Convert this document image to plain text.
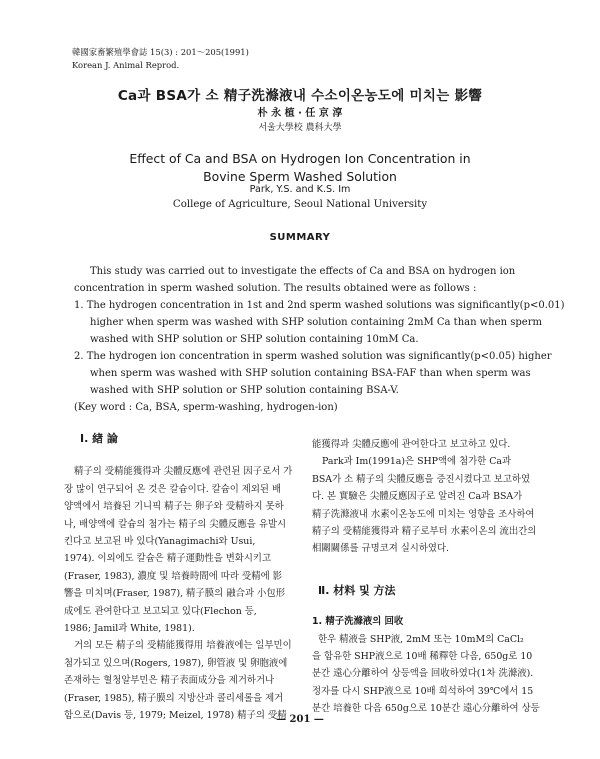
韓國家畜繁殖學會誌 15(3) : 201～205(1991)
Korean J. Animal Reprod.
Ca과 BSA가 소 精子洗滌液내 수소이온농도에 미치는 影響
朴 永 植 · 任 京 淳
서울大學校 農科大學
Effect of Ca and BSA on Hydrogen Ion Concentration in
Bovine Sperm Washed Solution
Park, Y.S. and K.S. Im
College of Agriculture, Seoul National University
SUMMARY

This study was carried out to investigate the effects of Ca and BSA on hydrogen ion

concentration in sperm washed solution. The results obtained were as follows :

1. The hydrogen concentration in 1st and 2nd sperm washed solutions was significantly(p<0.01)

higher when sperm was washed with SHP solution containing 2mM Ca than when sperm

washed with SHP solution or SHP solution containing 10mM Ca.

2. The hydrogen ion concentration in sperm washed solution was significantly(p<0.05) higher

when sperm was washed with SHP solution containing BSA-FAF than when sperm was

washed with SHP solution or SHP solution containing BSA-V.

(Key word : Ca, BSA, sperm-washing, hydrogen-ion)

Ⅰ. 緖 論

精子의 受精能獲得과 尖體反應에 관련된 因子로서 가

장 많이 연구되어 온 것은 칼슘이다. 칼슘이 제외된 배

양액에서 培養된 기니픽 精子는 卵子와 受精하지 못하

나, 배양액에 칼슘의 첨가는 精子의 尖體反應을 유발시

킨다고 보고된 바 있다(Yanagimachi와 Usui,

1974). 이외에도 칼슘은 精子運動性을 변화시키고

(Fraser, 1983), 濃度 및 培養時間에 따라 受精에 影

響을 미치며(Fraser, 1987), 精子膜의 融合과 小包形

成에도 관여한다고 보고되고 있다(Flechon 등,

1986; Jamil과 White, 1981).

거의 모든 精子의 受精能獲得用 培養液에는 일부민이

첨가되고 있으며(Rogers, 1987), 卵管液 및 卵胞液에

존재하는 혈청알부민은 精子表面成分을 제거하거나

(Fraser, 1985), 精子膜의 지방산과 콜리세롤을 제거

함으로(Davis 등, 1979; Meizel, 1978) 精子의 受精

能獲得과 尖體反應에 관여한다고 보고하고 있다.

Park과 Im(1991a)은 SHP액에 첨가한 Ca과

BSA가 소 精子의 尖體反應을 증진시켰다고 보고하였

다. 본 實驗은 尖體反應因子로 알려진 Ca과 BSA가

精子洗滌液내 水素이온농도에 미치는 영향을 조사하여

精子의 受精能獲得과 精子로부터 水素이온의 流出간의

相關關係를 규명코져 실시하였다.

Ⅱ. 材料 및 方法

1. 精子洗滌液의 回收

한우 精液을 SHP液, 2mM 또는 10mM의 CaCl₂

을 함유한 SHP液으로 10배 稀釋한 다음, 650g로 10

분간 遠心分離하여 상등액을 回收하였다(1차 洗滌液).

정자를 다시 SHP液으로 10배 희석하여 39℃에서 15

분간 培養한 다음 650g으로 10분간 遠心分離하여 상등

— 201 —
